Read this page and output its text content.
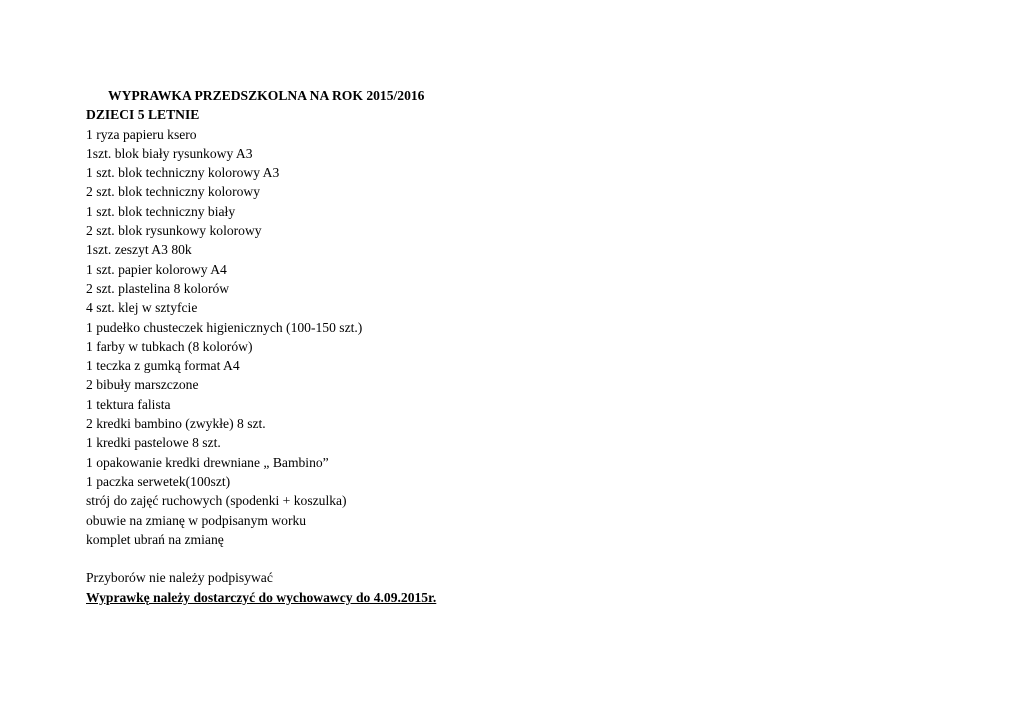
WYPRAWKA PRZEDSZKOLNA NA ROK 2015/2016
DZIECI 5 LETNIE
1 ryza papieru ksero
1szt. blok biały rysunkowy A3
1 szt. blok techniczny kolorowy A3
2 szt. blok techniczny kolorowy
1 szt. blok techniczny biały
2 szt. blok rysunkowy kolorowy
1szt. zeszyt A3 80k
1 szt. papier kolorowy A4
2 szt. plastelina 8 kolorów
4 szt. klej w sztyfcie
1 pudełko chusteczek higienicznych (100-150 szt.)
1 farby w tubkach (8 kolorów)
1 teczka z gumką format A4
2 bibuły marszczone
1 tektura falista
2 kredki bambino (zwykłe) 8 szt.
1 kredki pastelowe 8 szt.
1 opakowanie kredki drewniane „ Bambino”
1 paczka serwetek(100szt)
strój do zajęć ruchowych (spodenki + koszulka)
obuwie na zmianę w podpisanym worku
komplet ubrań na zmianę
Przyborów nie należy podpisywać
Wyprawkę należy dostarczyć do wychowawcy do 4.09.2015r.
